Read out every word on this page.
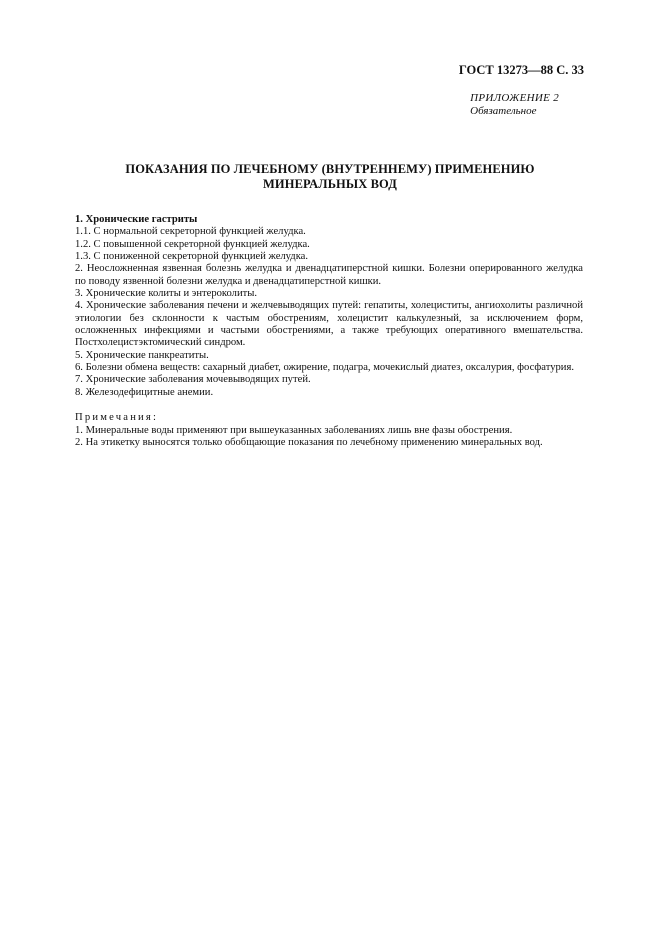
ГОСТ 13273—88 С. 33
ПРИЛОЖЕНИЕ 2
Обязательное
ПОКАЗАНИЯ ПО ЛЕЧЕБНОМУ (ВНУТРЕННЕМУ) ПРИМЕНЕНИЮ
МИНЕРАЛЬНЫХ ВОД

1. Хронические гастриты

1.1. С нормальной секреторной функцией желудка.

1.2. С повышенной секреторной функцией желудка.

1.3. С пониженной секреторной функцией желудка.

2. Неосложненная язвенная болезнь желудка и двенадцатиперстной кишки. Болезни оперированного желудка по поводу язвенной болезни желудка и двенадцатиперстной кишки.

3. Хронические колиты и энтероколиты.

4. Хронические заболевания печени и желчевыводящих путей: гепатиты, холециститы, ангиохолиты различной этиологии без склонности к частым обострениям, холецистит калькулезный, за исключением форм, осложненных инфекциями и частыми обострениями, а также требующих оперативного вмешательства. Постхолецистэктомический синдром.

5. Хронические панкреатиты.

6. Болезни обмена веществ: сахарный диабет, ожирение, подагра, мочекислый диатез, оксалурия, фосфатурия.

7. Хронические заболевания мочевыводящих путей.

8. Железодефицитные анемии.

Примечания:

1. Минеральные воды применяют при вышеуказанных заболеваниях лишь вне фазы обострения.

2. На этикетку выносятся только обобщающие показания по лечебному применению минеральных вод.
